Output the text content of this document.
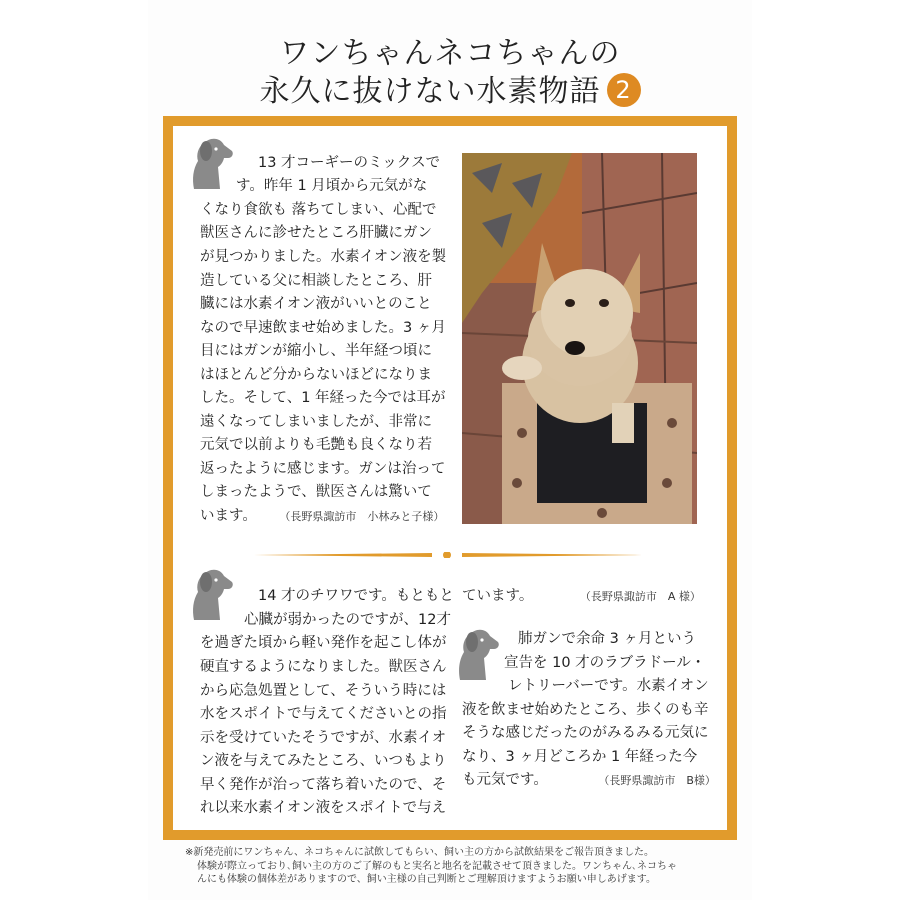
ワンちゃんネコちゃんの
永久に抜けない水素物語 2
13 才コーギーのミックスで
す。昨年 1 月頃から元気がな
くなり食欲も 落ちてしまい、心配で
獣医さんに診せたところ肝臓にガン
が見つかりました。水素イオン液を製
造している父に相談したところ、肝
臓には水素イオン液がいいとのこと
なので早速飲ませ始めました。3 ヶ月
目にはガンが縮小し、半年経つ頃に
はほとんど分からないほどになりま
した。そして、1 年経った今では耳が
遠くなってしまいましたが、非常に
元気で以前よりも毛艶も良くなり若
返ったように感じます。ガンは治って
しまったようで、獣医さんは驚いて
います。	（長野県諏訪市　小林みと子様）
14 才のチワワです。もともと
心臓が弱かったのですが、12才
を過ぎた頃から軽い発作を起こし体が
硬直するようになりました。獣医さん
から応急処置として、そういう時には
水をスポイトで与えてくださいとの指
示を受けていたそうですが、水素イオ
ン液を与えてみたところ、いつもより
早く発作が治って落ち着いたので、そ
れ以来水素イオン液をスポイトで与え
ています。	（長野県諏訪市　A 様）
肺ガンで余命 3 ヶ月という
宣告を 10 才のラブラドール・
レトリーバーです。水素イオン
液を飲ませ始めたところ、歩くのも辛
そうな感じだったのがみるみる元気に
なり、3 ヶ月どころか 1 年経った今
も元気です。	（長野県諏訪市　B様）
※新発売前にワンちゃん、ネコちゃんに試飲してもらい、飼い主の方から試飲結果をご報告頂きました。
体験が際立っており､飼い主の方のご了解のもと実名と地名を記載させて頂きました。ワンちゃん､ネコちゃ
んにも体験の個体差がありますので、飼い主様の自己判断とご理解頂けますようお願い申しあげます。
